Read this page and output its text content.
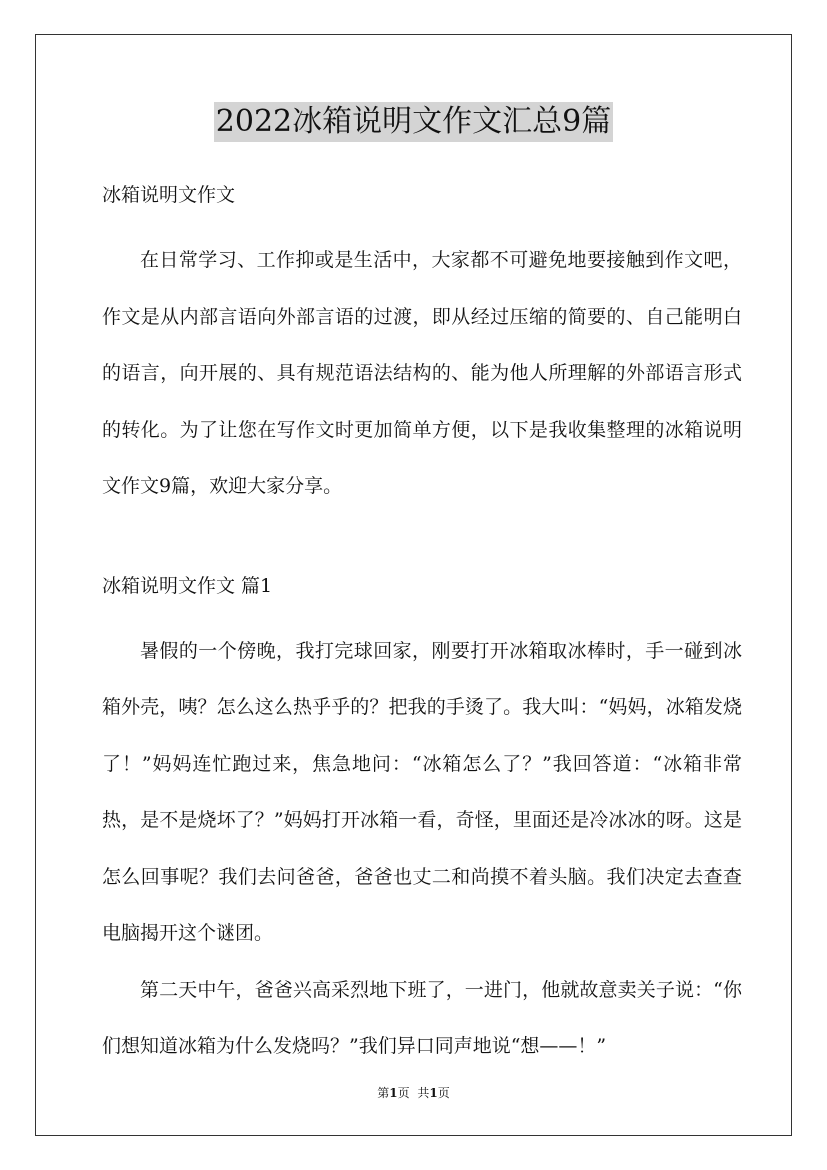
2022冰箱说明文作文汇总9篇
冰箱说明文作文

在日常学习、工作抑或是生活中，大家都不可避免地要接触到作文吧，作文是从内部言语向外部言语的过渡，即从经过压缩的简要的、自己能明白的语言，向开展的、具有规范语法结构的、能为他人所理解的外部语言形式的转化。为了让您在写作文时更加简单方便，以下是我收集整理的冰箱说明文作文9篇，欢迎大家分享。

冰箱说明文作文 篇1

暑假的一个傍晚，我打完球回家，刚要打开冰箱取冰棒时，手一碰到冰箱外壳，咦？怎么这么热乎乎的？把我的手烫了。我大叫：“妈妈，冰箱发烧了！”妈妈连忙跑过来，焦急地问：“冰箱怎么了？”我回答道：“冰箱非常热，是不是烧坏了？”妈妈打开冰箱一看，奇怪，里面还是冷冰冰的呀。这是怎么回事呢？我们去问爸爸，爸爸也丈二和尚摸不着头脑。我们决定去查查电脑揭开这个谜团。

第二天中午，爸爸兴高采烈地下班了，一进门，他就故意卖关子说：“你们想知道冰箱为什么发烧吗？”我们异口同声地说“想——！”

第1页 共1页
